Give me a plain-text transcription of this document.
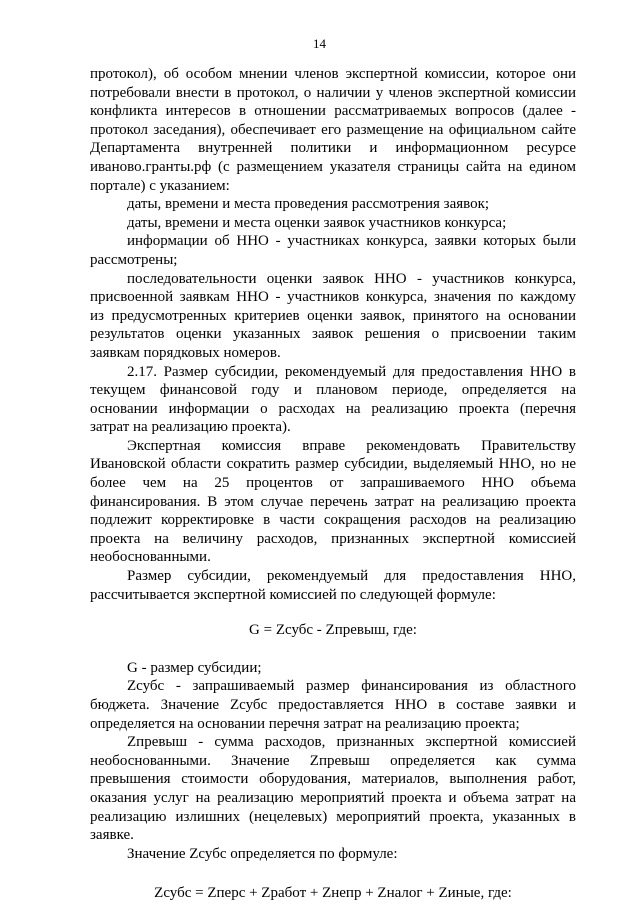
14
протокол), об особом мнении членов экспертной комиссии, которое они
потребовали внести в протокол, о наличии у членов экспертной комиссии
конфликта интересов в отношении рассматриваемых вопросов (далее -
протокол заседания), обеспечивает его размещение на официальном сайте
Департамента внутренней политики и информационном ресурсе
иваново.гранты.рф (с размещением указателя страницы сайта на едином
портале) с указанием:
даты, времени и места проведения рассмотрения заявок;
даты, времени и места оценки заявок участников конкурса;
информации об ННО - участниках конкурса, заявки которых были
рассмотрены;
последовательности оценки заявок ННО - участников конкурса,
присвоенной заявкам ННО - участников конкурса, значения по каждому
из предусмотренных критериев оценки заявок, принятого на основании
результатов оценки указанных заявок решения о присвоении таким
заявкам порядковых номеров.
2.17. Размер субсидии, рекомендуемый для предоставления ННО в
текущем финансовой году и плановом периоде, определяется на
основании информации о расходах на реализацию проекта (перечня
затрат на реализацию проекта).
Экспертная комиссия вправе рекомендовать Правительству
Ивановской области сократить размер субсидии, выделяемый ННО, но не
более чем на 25 процентов от запрашиваемого ННО объема
финансирования. В этом случае перечень затрат на реализацию проекта
подлежит корректировке в части сокращения расходов на реализацию
проекта на величину расходов, признанных экспертной комиссией
необоснованными.
Размер субсидии, рекомендуемый для предоставления ННО,
рассчитывается экспертной комиссией по следующей формуле:
G = Zсубс - Zпревыш, где:
G - размер субсидии;
Zсубс - запрашиваемый размер финансирования из областного
бюджета. Значение Zсубс предоставляется ННО в составе заявки и
определяется на основании перечня затрат на реализацию проекта;
Zпревыш - сумма расходов, признанных экспертной комиссией
необоснованными. Значение Zпревыш определяется как сумма
превышения стоимости оборудования, материалов, выполнения работ,
оказания услуг на реализацию мероприятий проекта и объема затрат на
реализацию излишних (нецелевых) мероприятий проекта, указанных в
заявке.
Значение Zсубс определяется по формуле:
Zсубс = Zперс + Zработ + Zнепр + Zналог + Zиные, где:
